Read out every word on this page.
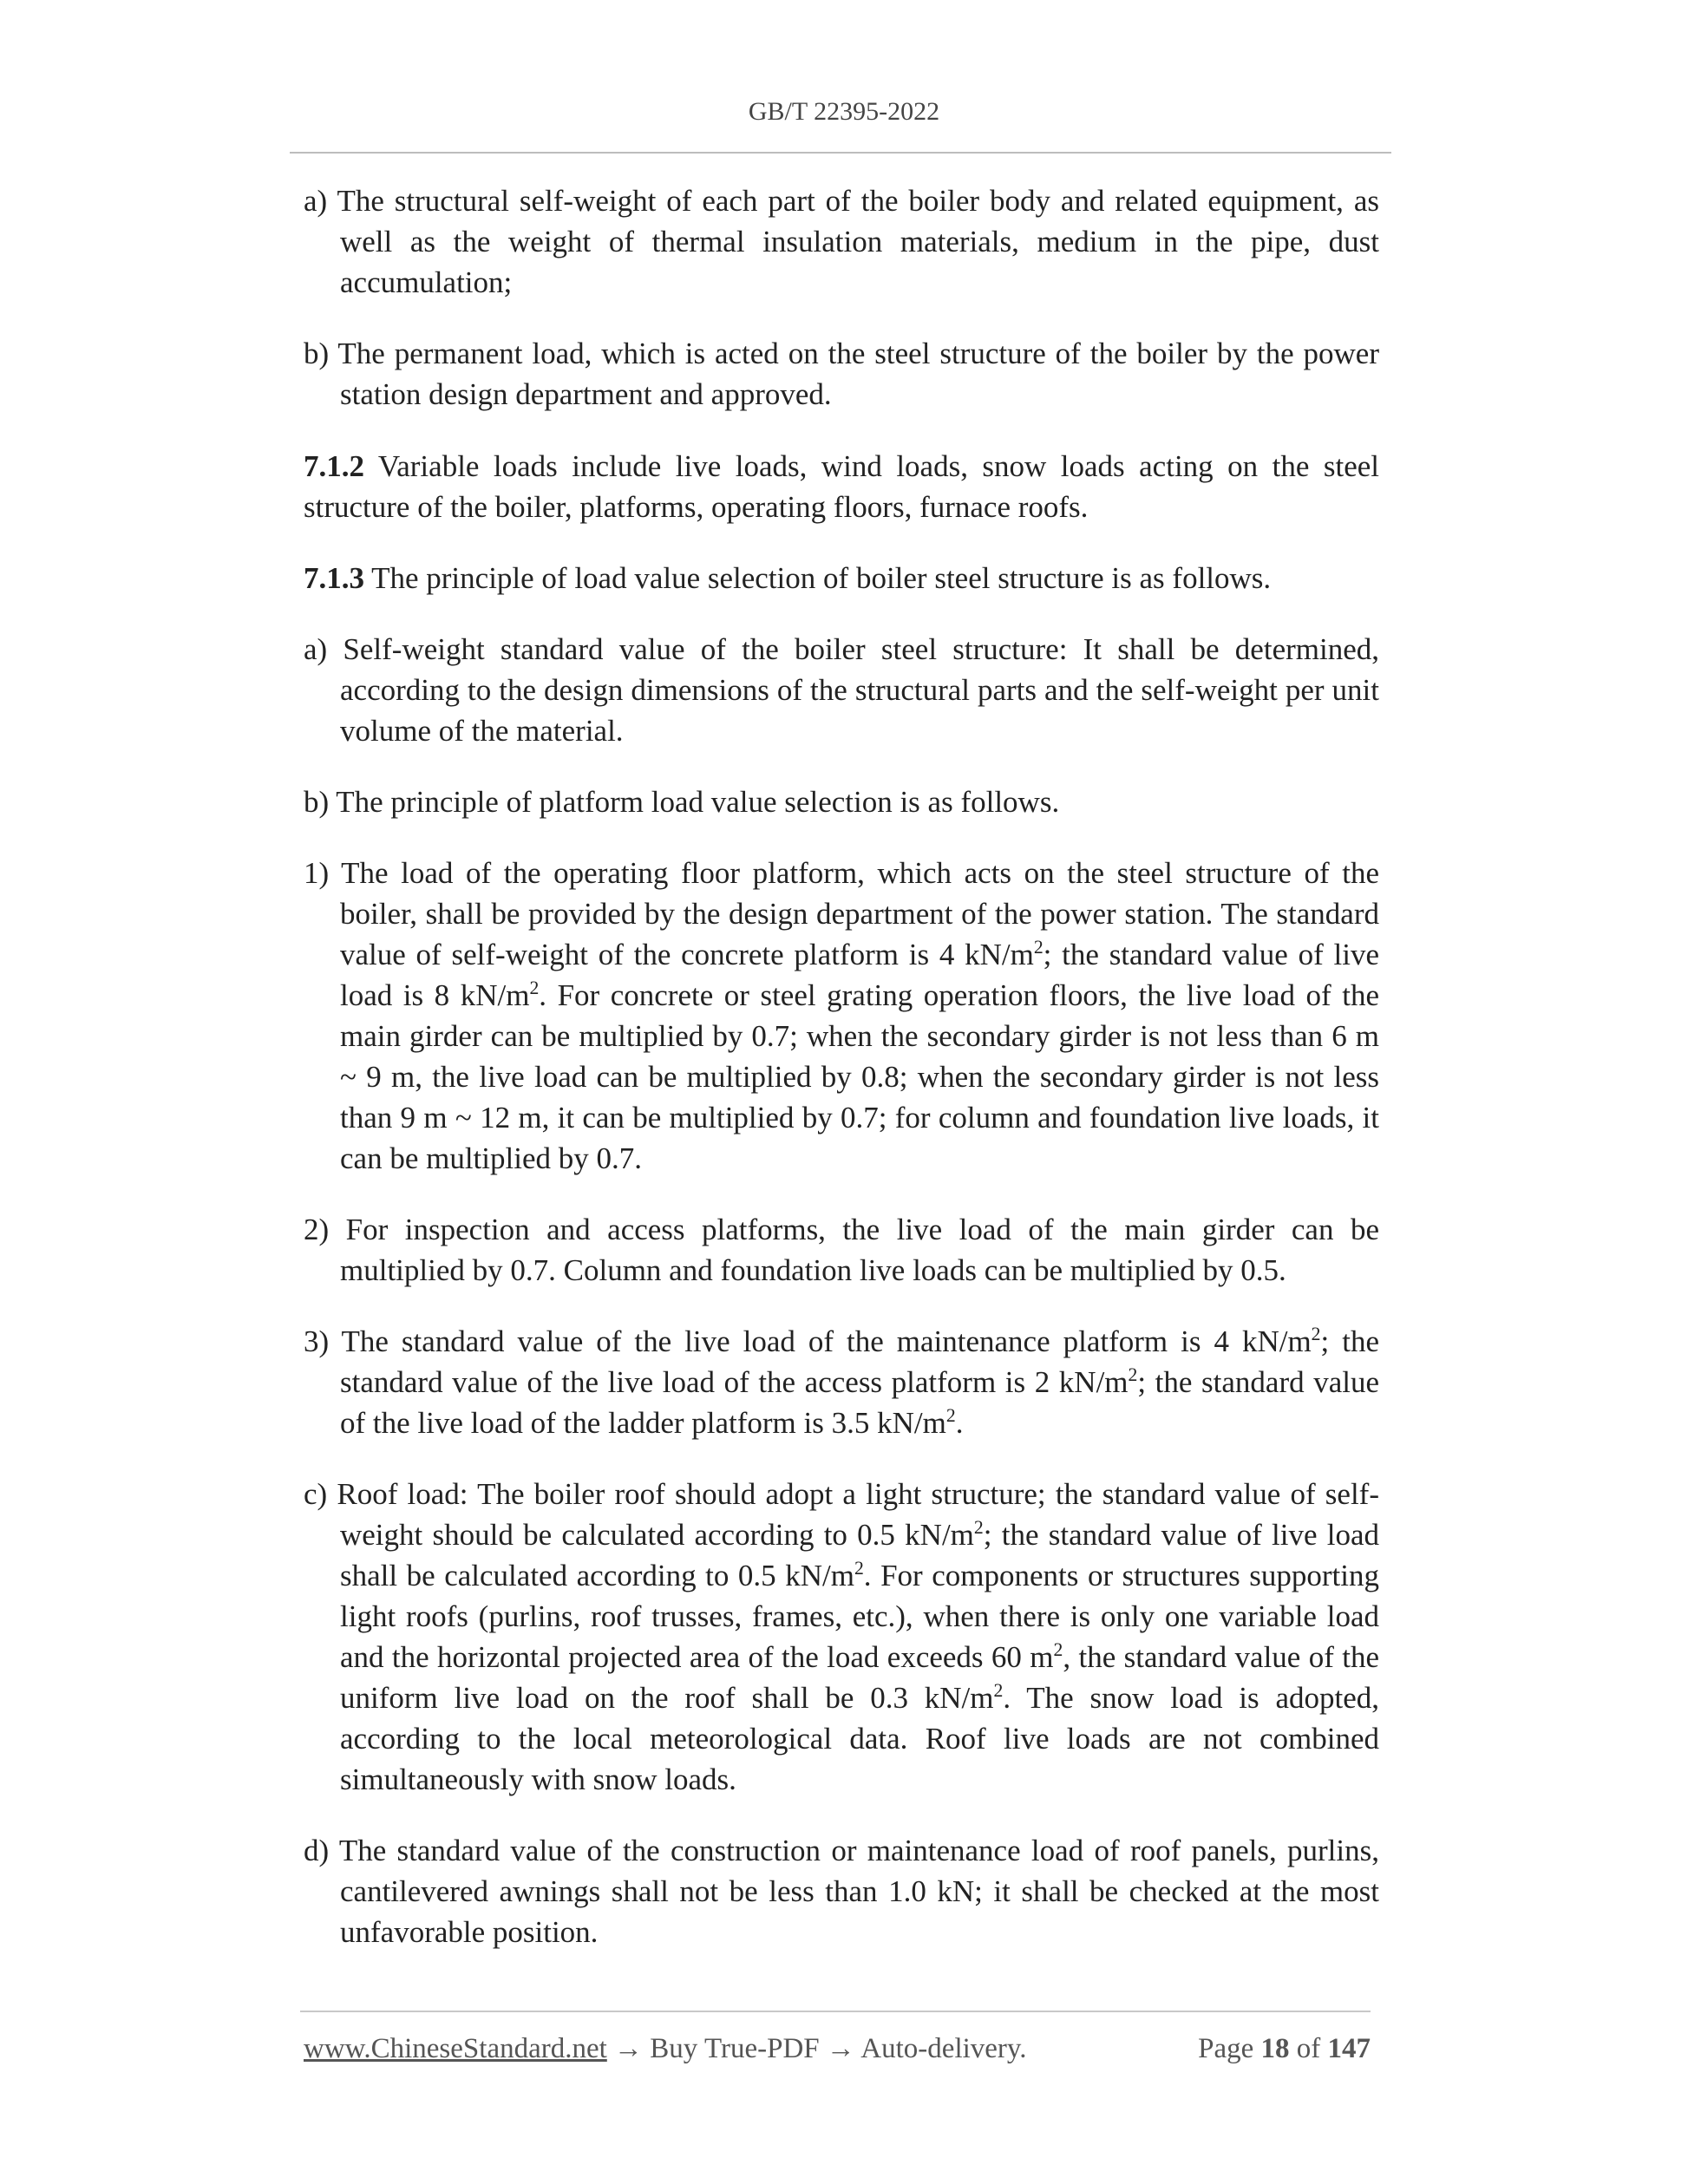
GB/T 22395-2022

a) The structural self-weight of each part of the boiler body and related equipment, as well as the weight of thermal insulation materials, medium in the pipe, dust accumulation;

b) The permanent load, which is acted on the steel structure of the boiler by the power station design department and approved.

7.1.2 Variable loads include live loads, wind loads, snow loads acting on the steel structure of the boiler, platforms, operating floors, furnace roofs.

7.1.3 The principle of load value selection of boiler steel structure is as follows.

a) Self-weight standard value of the boiler steel structure: It shall be determined, according to the design dimensions of the structural parts and the self-weight per unit volume of the material.

b) The principle of platform load value selection is as follows.

1) The load of the operating floor platform, which acts on the steel structure of the boiler, shall be provided by the design department of the power station. The standard value of self-weight of the concrete platform is 4 $kN/m^2$; the standard value of live load is 8 $kN/m^2$. For concrete or steel grating operation floors, the live load of the main girder can be multiplied by 0.7; when the secondary girder is not less than 6 m ~ 9 m, the live load can be multiplied by 0.8; when the secondary girder is not less than 9 m ~ 12 m, it can be multiplied by 0.7; for column and foundation live loads, it can be multiplied by 0.7.

2) For inspection and access platforms, the live load of the main girder can be multiplied by 0.7. Column and foundation live loads can be multiplied by 0.5.

3) The standard value of the live load of the maintenance platform is 4 $kN/m^2$; the standard value of the live load of the access platform is 2 $kN/m^2$; the standard value of the live load of the ladder platform is 3.5 $kN/m^2$.

c) Roof load: The boiler roof should adopt a light structure; the standard value of self-weight should be calculated according to 0.5 $kN/m^2$; the standard value of live load shall be calculated according to 0.5 $kN/m^2$. For components or structures supporting light roofs (purlins, roof trusses, frames, etc.), when there is only one variable load and the horizontal projected area of the load exceeds 60 $m^2$, the standard value of the uniform live load on the roof shall be 0.3 $kN/m^2$. The snow load is adopted, according to the local meteorological data. Roof live loads are not combined simultaneously with snow loads.

d) The standard value of the construction or maintenance load of roof panels, purlins, cantilevered awnings shall not be less than 1.0 kN; it shall be checked at the most unfavorable position.

www.ChineseStandard.net → Buy True-PDF → Auto-delivery.	Page 18 of 147
